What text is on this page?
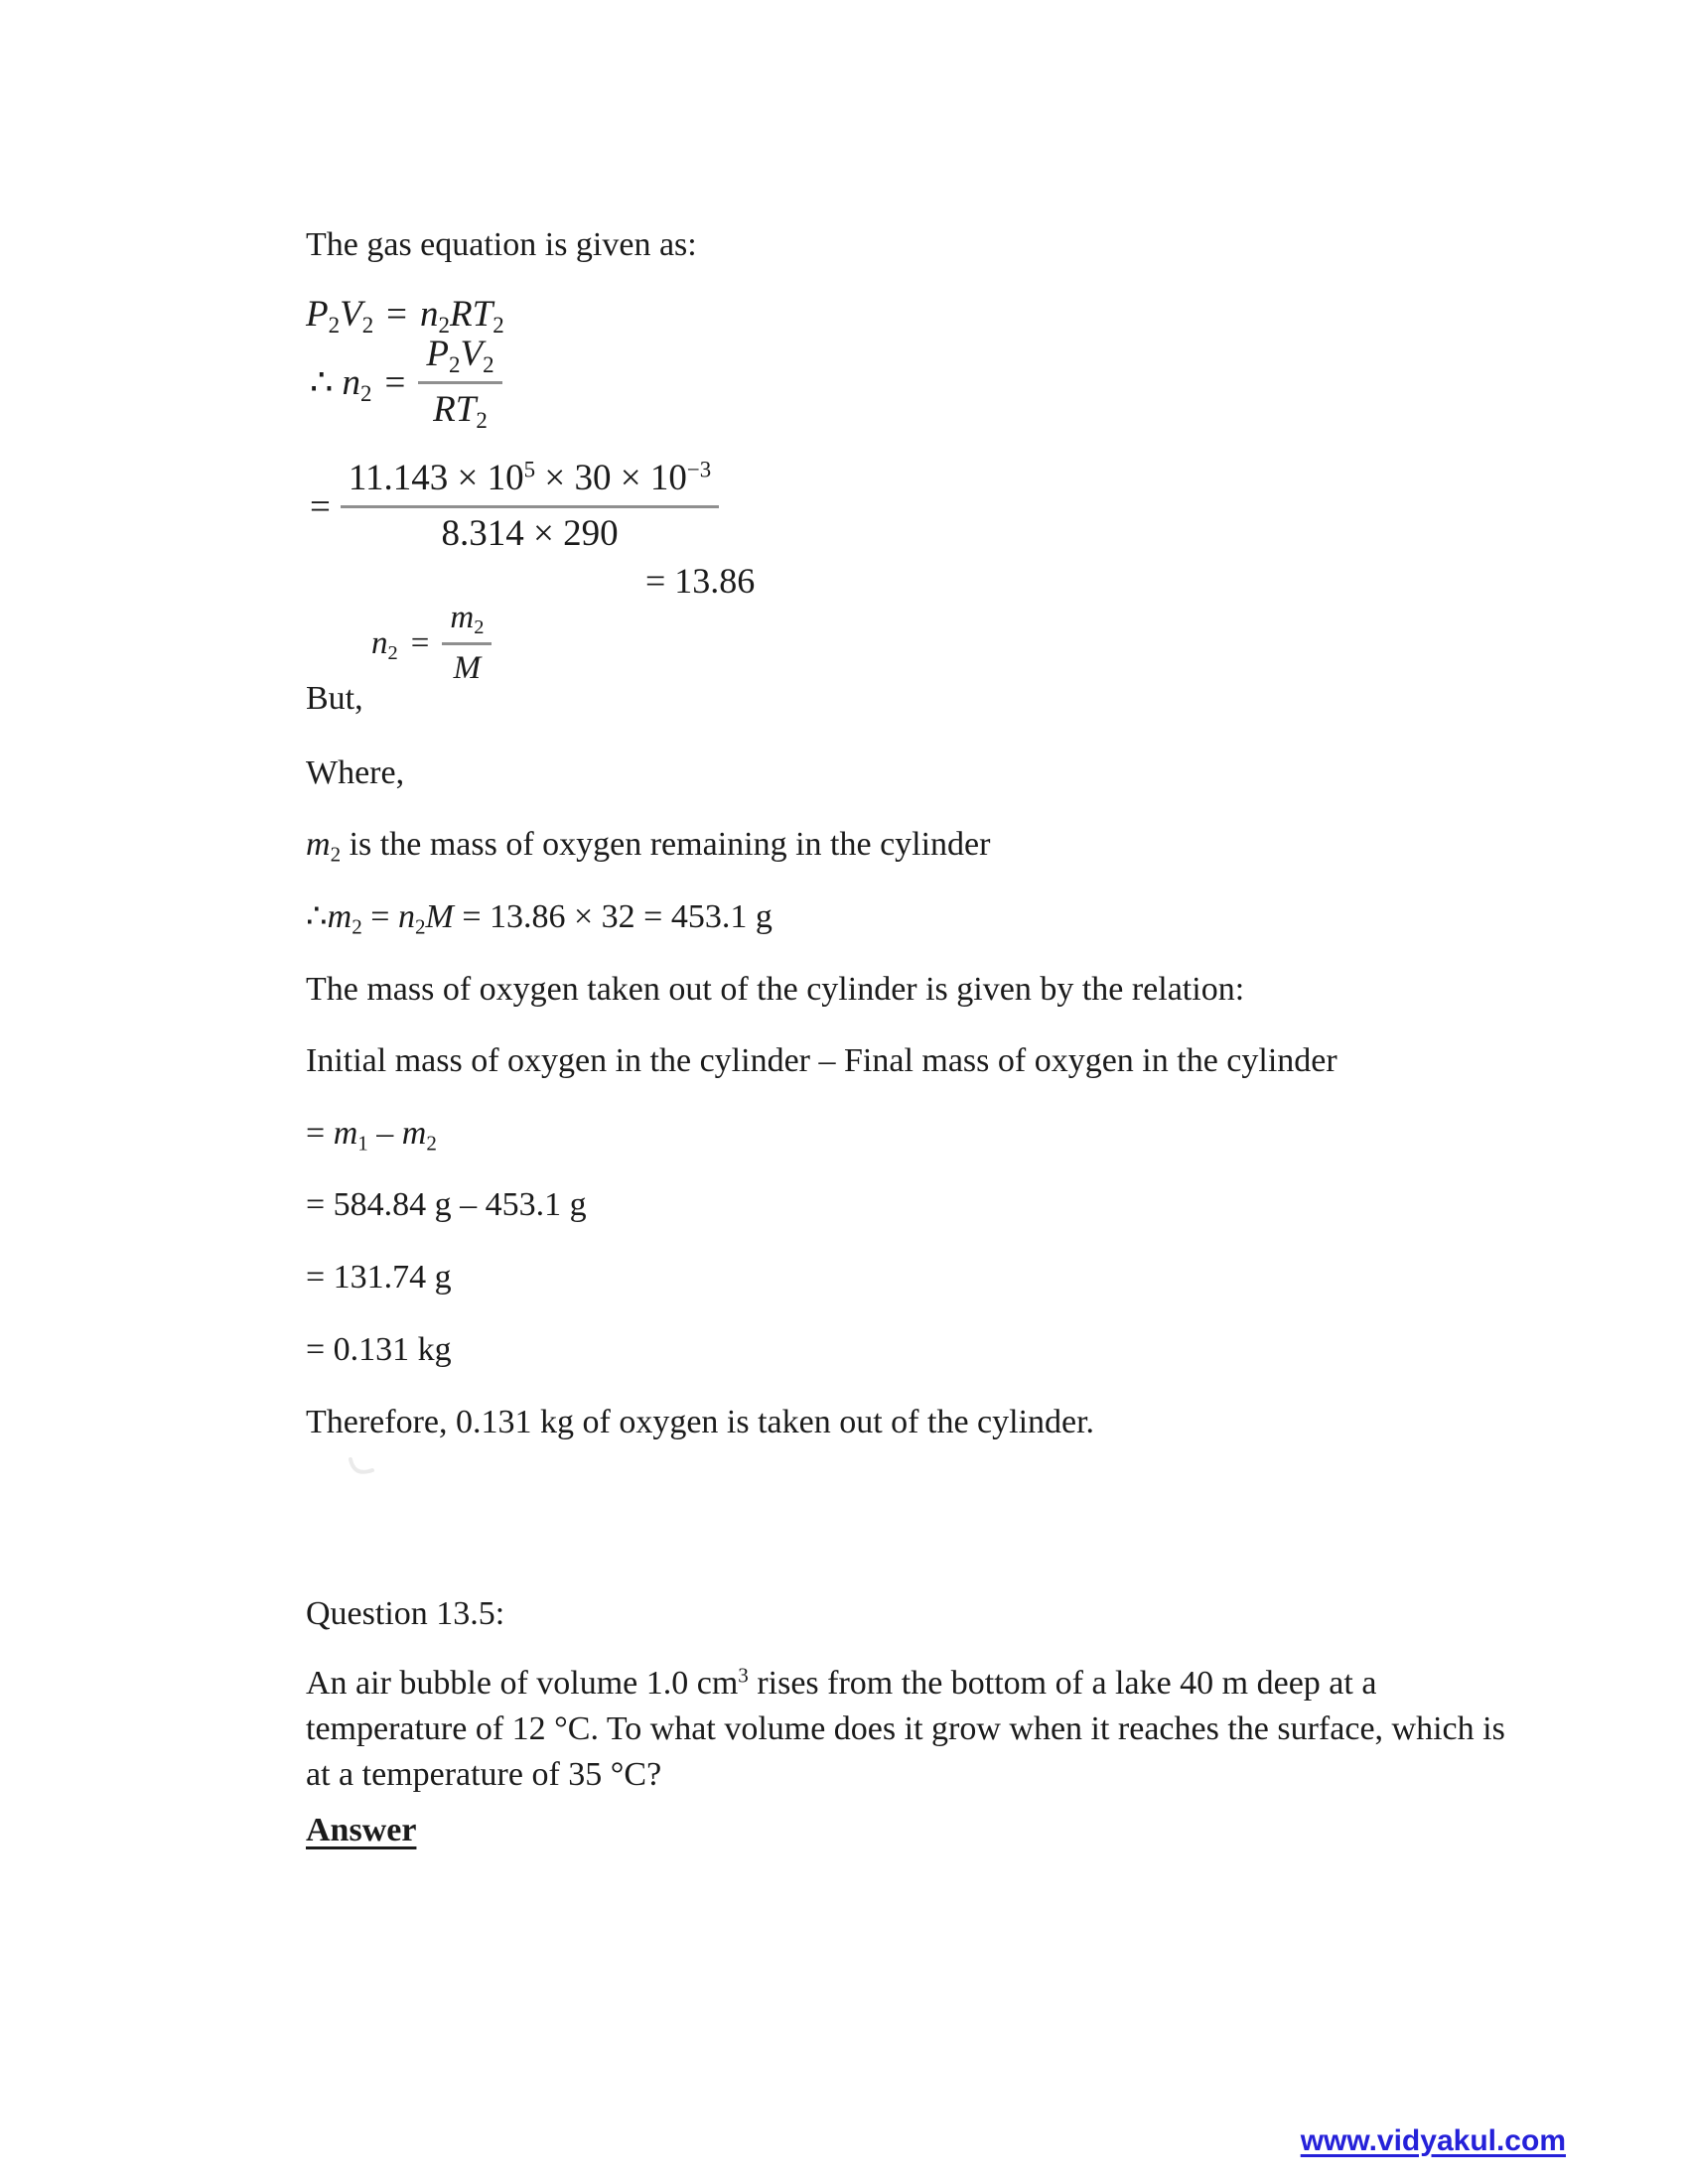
The gas equation is given as:

$P_2V_2 = n_2RT_2$

∴ $n_2 = \frac{P_2V_2}{RT_2}$
= $\frac{11.143 \times 10^5 \times 30 \times 10^{-3}}{8.314 \times 290}$

= 13.86

But,

$n_2 = \frac{m_2}{M}$

Where,

$m_2$ is the mass of oxygen remaining in the cylinder

$\therefore m_2 = n_2M = 13.86 \times 32 = 453.1$ g

The mass of oxygen taken out of the cylinder is given by the relation:

Initial mass of oxygen in the cylinder – Final mass of oxygen in the cylinder

= $m_1 - m_2$

= 584.84 g – 453.1 g

= 131.74 g

= 0.131 kg

Therefore, 0.131 kg of oxygen is taken out of the cylinder.

Question 13.5:

An air bubble of volume 1.0 $cm^3$ rises from the bottom of a lake 40 m deep at a

temperature of 12 °C. To what volume does it grow when it reaches the surface, which is

at a temperature of 35 °C?

Answer

www.vidyakul.com
